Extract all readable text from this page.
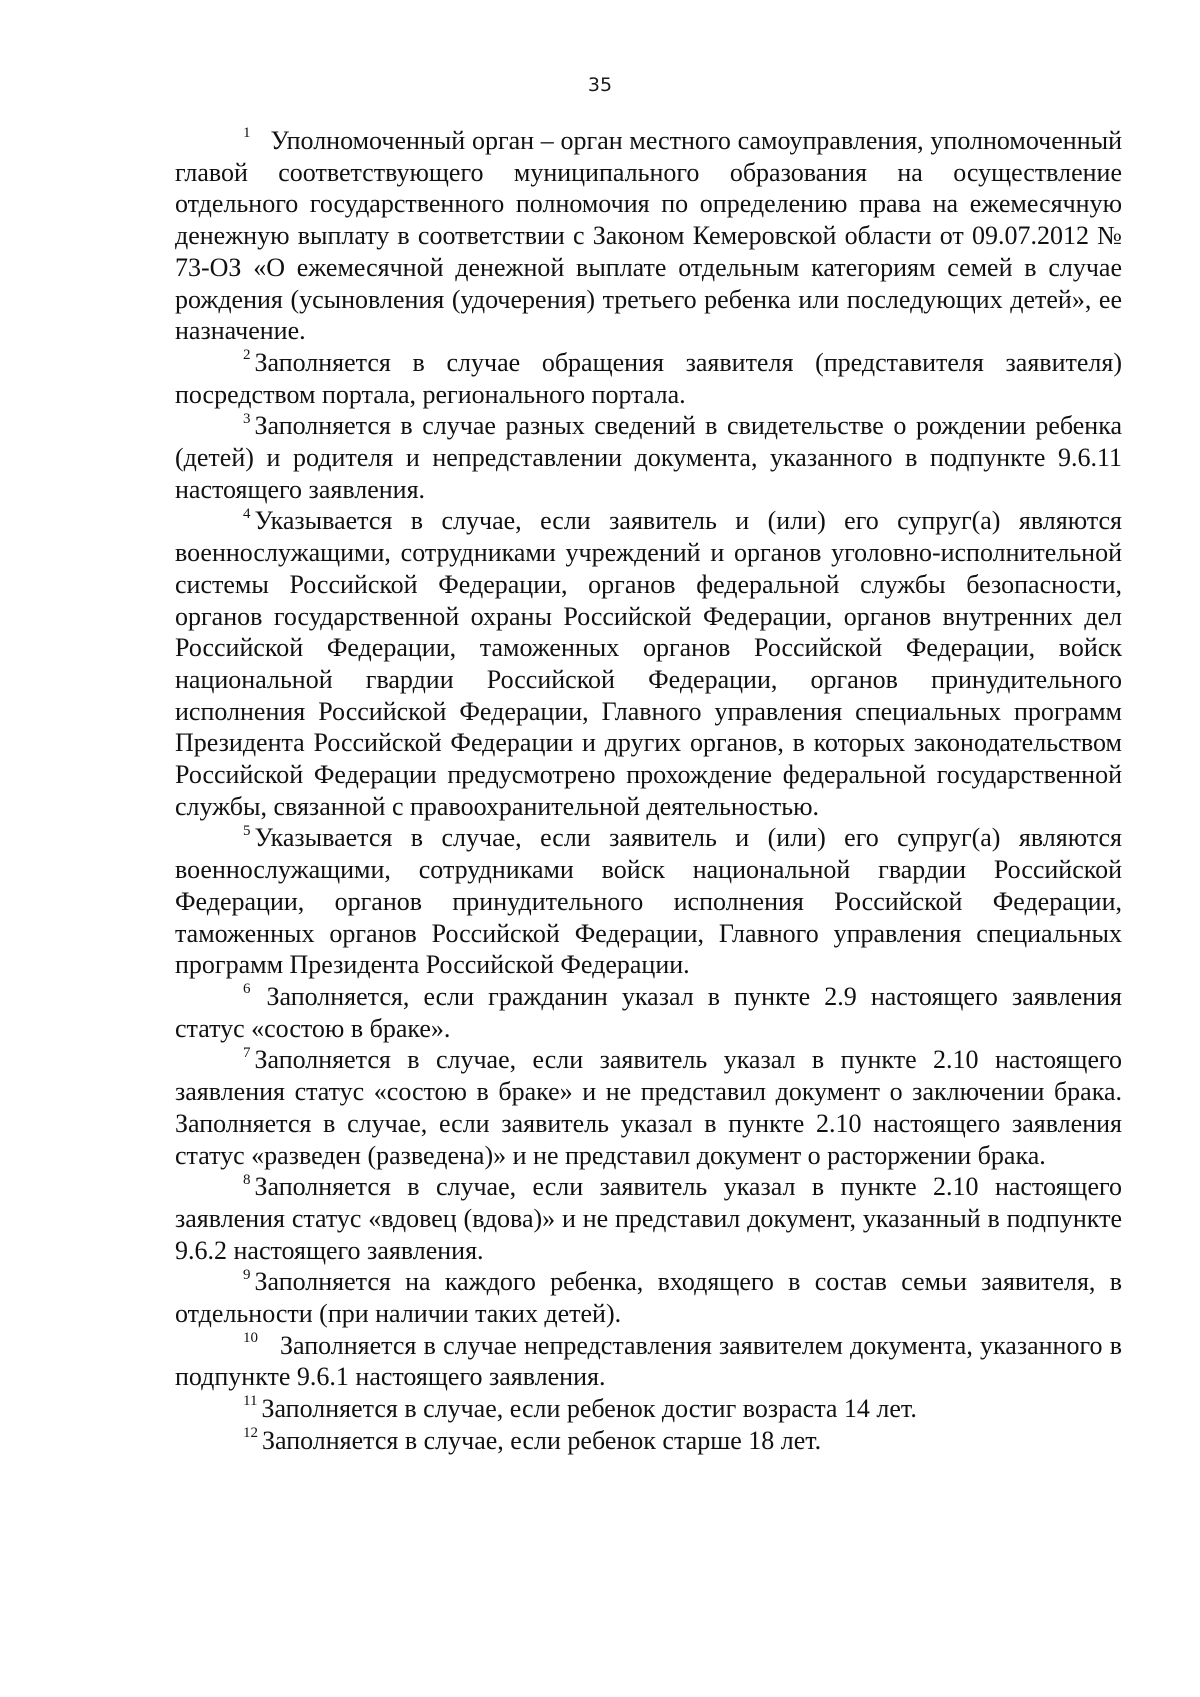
35

$^1$ Уполномоченный орган – орган местного самоуправления, уполномоченный главой соответствующего муниципального образования на осуществление отдельного государственного полномочия по определению права на ежемесячную денежную выплату в соответствии с Законом Кемеровской области от 09.07.2012 № 73-ОЗ «О ежемесячной денежной выплате отдельным категориям семей в случае рождения (усыновления (удочерения) третьего ребенка или последующих детей», ее назначение.

$^2$ Заполняется в случае обращения заявителя (представителя заявителя) посредством портала, регионального портала.

$^3$ Заполняется в случае разных сведений в свидетельстве о рождении ребенка (детей) и родителя и непредставлении документа, указанного в подпункте 9.6.11 настоящего заявления.

$^4$ Указывается в случае, если заявитель и (или) его супруг(а) являются военнослужащими, сотрудниками учреждений и органов уголовно-исполнительной системы Российской Федерации, органов федеральной службы безопасности, органов государственной охраны Российской Федерации, органов внутренних дел Российской Федерации, таможенных органов Российской Федерации, войск национальной гвардии Российской Федерации, органов принудительного исполнения Российской Федерации, Главного управления специальных программ Президента Российской Федерации и других органов, в которых законодательством Российской Федерации предусмотрено прохождение федеральной государственной службы, связанной с правоохранительной деятельностью.

$^5$ Указывается в случае, если заявитель и (или) его супруг(а) являются военнослужащими, сотрудниками войск национальной гвардии Российской Федерации, органов принудительного исполнения Российской Федерации, таможенных органов Российской Федерации, Главного управления специальных программ Президента Российской Федерации.

$^6$ Заполняется, если гражданин указал в пункте 2.9 настоящего заявления статус «состою в браке».

$^7$ Заполняется в случае, если заявитель указал в пункте 2.10 настоящего заявления статус «состою в браке» и не представил документ о заключении брака. Заполняется в случае, если заявитель указал в пункте 2.10 настоящего заявления статус «разведен (разведена)» и не представил документ о расторжении брака.

$^8$ Заполняется в случае, если заявитель указал в пункте 2.10 настоящего заявления статус «вдовец (вдова)» и не представил документ, указанный в подпункте 9.6.2 настоящего заявления.

$^9$ Заполняется на каждого ребенка, входящего в состав семьи заявителя, в отдельности (при наличии таких детей).

$^{10}$ Заполняется в случае непредставления заявителем документа, указанного в подпункте 9.6.1 настоящего заявления.

$^{11}$ Заполняется в случае, если ребенок достиг возраста 14 лет.

$^{12}$ Заполняется в случае, если ребенок старше 18 лет.
